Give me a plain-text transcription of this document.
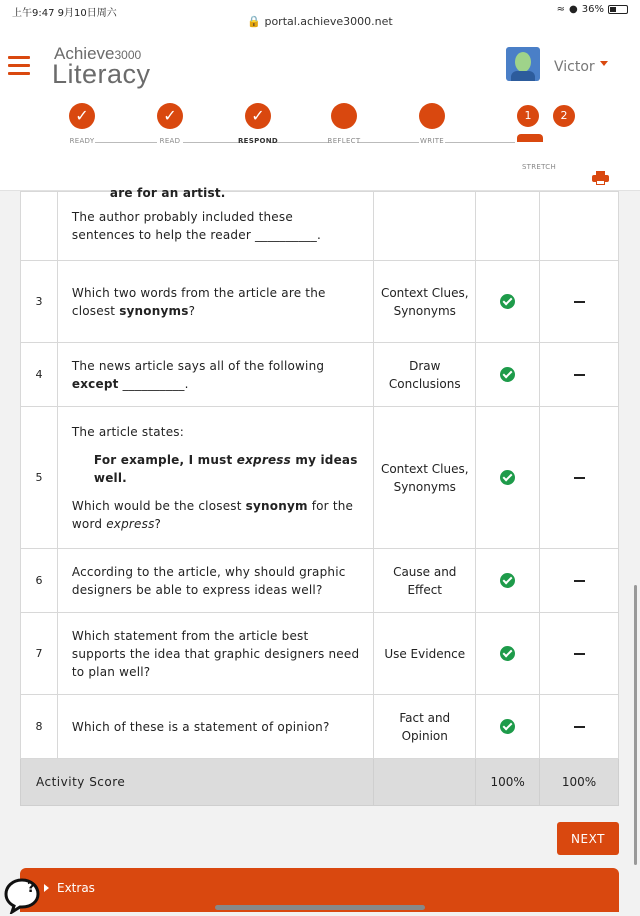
上午9:47 9月10日周六
🔒 portal.achieve3000.net
≈ ● 36%
Achieve3000
Literacy	Victor
✓	✓	✓	1	2
READY	READ	RESPOND	REFLECT	WRITE
STRETCH

	are for an artist.
The author probably included these sentences to help the reader __________.			

3	Which two words from the article are the closest synonyms?	Context Clues, Synonyms		
4	The news article says all of the following except __________.	Draw Conclusions		
5	The article states:
For example, I must express my ideas well.
Which would be the closest synonym for the word express?	Context Clues, Synonyms		
6	According to the article, why should graphic designers be able to express ideas well?	Cause and Effect		
7	Which statement from the article best supports the idea that graphic designers need to plan well?	Use Evidence		
8	Which of these is a statement of opinion?	Fact and Opinion		
Activity Score			100%	100%
NEXT
Extras
?
